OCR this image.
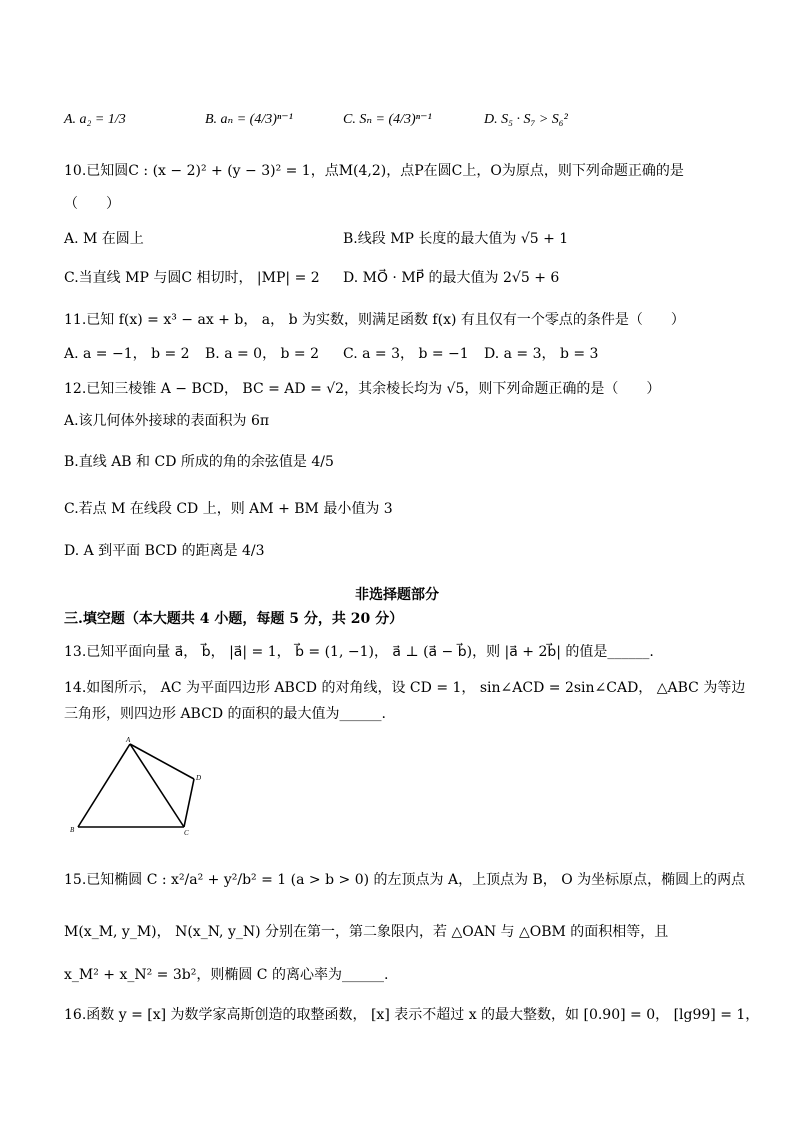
A. a₂ = 1/3	B. aₙ = (4/3)ⁿ⁻¹	C. Sₙ = (4/3)ⁿ⁻¹	D. S₅ · S₇ > S₆²
10.已知圆C : (x − 2)² + (y − 3)² = 1，点M(4,2)，点P在圆C上，O为原点，则下列命题正确的是
（　　）
A. M 在圆上	B.线段 MP 长度的最大值为 √5 + 1
C.当直线 MP 与圆C 相切时， |MP| = 2 D. MO⃗ · MP⃗ 的最大值为 2√5 + 6
11.已知 f(x) = x³ − ax + b， a， b 为实数，则满足函数 f(x) 有且仅有一个零点的条件是（　　）
A. a = −1， b = 2 B. a = 0， b = 2 C. a = 3， b = −1 D. a = 3， b = 3
12.已知三棱锥 A − BCD， BC = AD = √2，其余棱长均为 √5，则下列命题正确的是（　　）
A.该几何体外接球的表面积为 6π
B.直线 AB 和 CD 所成的角的余弦值是 4/5
C.若点 M 在线段 CD 上，则 AM + BM 最小值为 3
D. A 到平面 BCD 的距离是 4/3
非选择题部分
三.填空题（本大题共 4 小题，每题 5 分，共 20 分）
13.已知平面向量 a⃗， b⃗， |a⃗| = 1， b⃗ = (1, −1)， a⃗ ⊥ (a⃗ − b⃗)，则 |a⃗ + 2b⃗| 的值是______.
14.如图所示， AC 为平面四边形 ABCD 的对角线，设 CD = 1， sin∠ACD = 2sin∠CAD， △ABC 为等边
三角形，则四边形 ABCD 的面积的最大值为______.
A
B	C
D
15.已知椭圆 C : x²/a² + y²/b² = 1 (a > b > 0) 的左顶点为 A，上顶点为 B， O 为坐标原点，椭圆上的两点
M(x_M, y_M)， N(x_N, y_N) 分别在第一，第二象限内，若 △OAN 与 △OBM 的面积相等，且
x_M² + x_N² = 3b²，则椭圆 C 的离心率为______.
16.函数 y = [x] 为数学家高斯创造的取整函数， [x] 表示不超过 x 的最大整数，如 [0.90] = 0， [lg99] = 1，
